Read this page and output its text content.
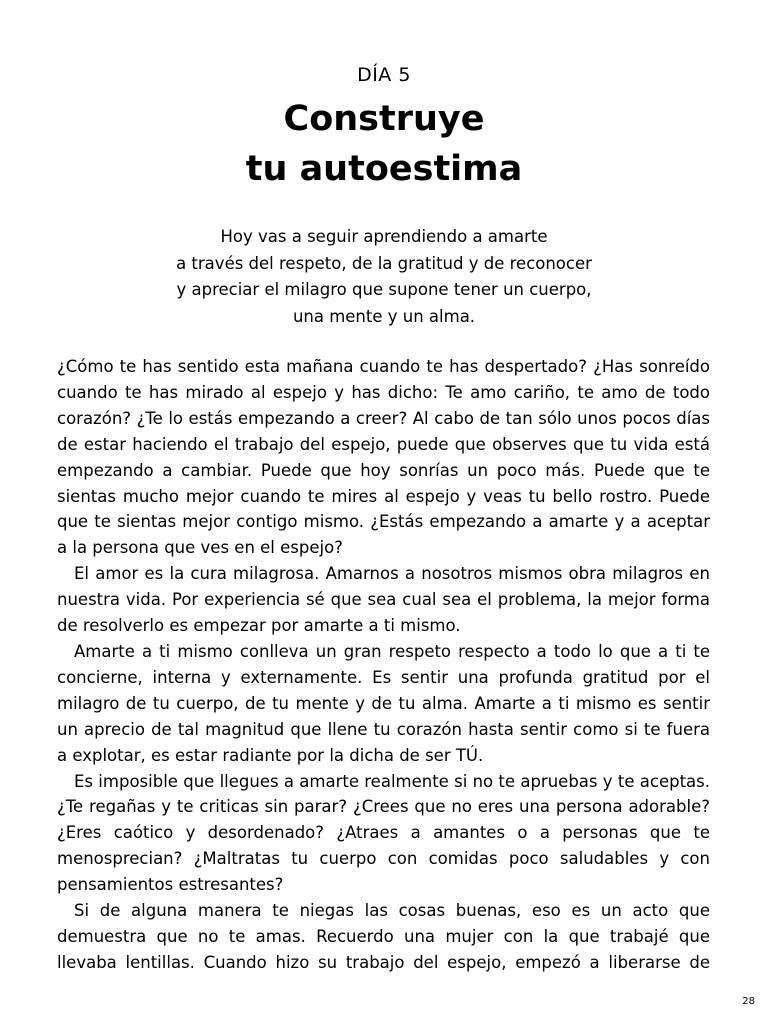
DÍA 5
Construye
tu autoestima
Hoy vas a seguir aprendiendo a amarte
a través del respeto, de la gratitud y de reconocer
y apreciar el milagro que supone tener un cuerpo,
una mente y un alma.

¿Cómo te has sentido esta mañana cuando te has despertado? ¿Has sonreído cuando te has mirado al espejo y has dicho: Te amo cariño, te amo de todo corazón? ¿Te lo estás empezando a creer? Al cabo de tan sólo unos pocos días de estar haciendo el trabajo del espejo, puede que observes que tu vida está empezando a cambiar. Puede que hoy sonrías un poco más. Puede que te sientas mucho mejor cuando te mires al espejo y veas tu bello rostro. Puede que te sientas mejor contigo mismo. ¿Estás empezando a amarte y a aceptar a la persona que ves en el espejo?

El amor es la cura milagrosa. Amarnos a nosotros mismos obra milagros en nuestra vida. Por experiencia sé que sea cual sea el problema, la mejor forma de resolverlo es empezar por amarte a ti mismo.

Amarte a ti mismo conlleva un gran respeto respecto a todo lo que a ti te concierne, interna y externamente. Es sentir una profunda gratitud por el milagro de tu cuerpo, de tu mente y de tu alma. Amarte a ti mismo es sentir un aprecio de tal magnitud que llene tu corazón hasta sentir como si te fuera a explotar, es estar radiante por la dicha de ser TÚ.

Es imposible que llegues a amarte realmente si no te apruebas y te aceptas. ¿Te regañas y te criticas sin parar? ¿Crees que no eres una persona adorable? ¿Eres caótico y desordenado? ¿Atraes a amantes o a personas que te menosprecian? ¿Maltratas tu cuerpo con comidas poco saludables y con pensamientos estresantes?

Si de alguna manera te niegas las cosas buenas, eso es un acto que demuestra que no te amas. Recuerdo una mujer con la que trabajé que llevaba lentillas. Cuando hizo su trabajo del espejo, empezó a liberarse de

28
